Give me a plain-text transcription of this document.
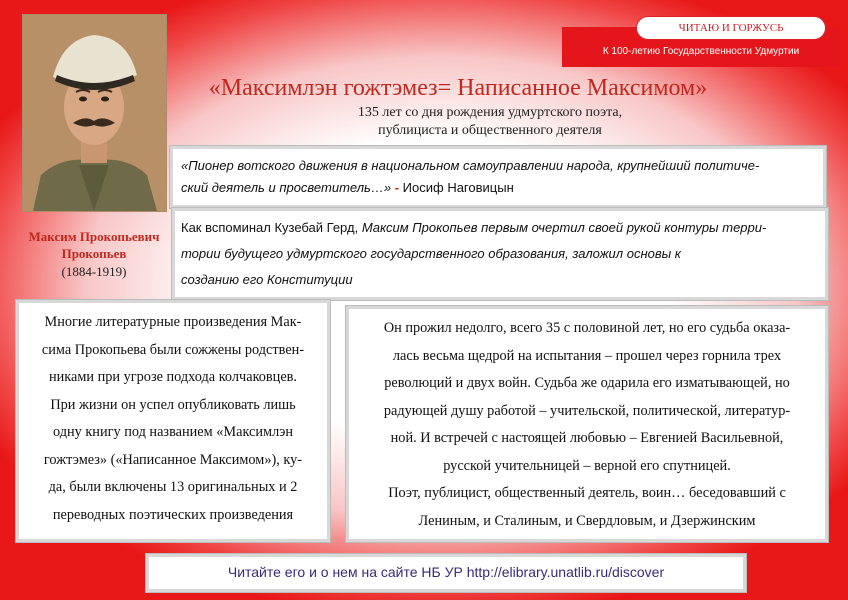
ЧИТАЮ И ГОРЖУСЬ
К 100-летию Государственности Удмуртии
Максим Прокопьевич
Прокопьев
(1884-1919)
«Максимлэн гожтэмез= Написанное Максимом»
135 лет со дня рождения удмуртского поэта,
публициста и общественного деятеля
«Пионер вотского движения в национальном самоуправлении народа, крупнейший политиче-
ский деятель и просветитель…» - Иосиф Наговицын
Как вспоминал Кузебай Герд, Максим Прокопьев первым очертил своей рукой контуры терри-
тории будущего удмуртского государственного образования, заложил основы к
созданию его Конституции
Многие литературные произведения Мак-
сима Прокопьева были сожжены родствен-
никами при угрозе подхода колчаковцев.
При жизни он успел опубликовать лишь
одну книгу под названием «Максимлэн
гожтэмез» («Написанное Максимом»), ку-
да, были включены 13 оригинальных и 2
переводных поэтических произведения
Он прожил недолго, всего 35 с половиной лет, но его судьба оказа-
лась весьма щедрой на испытания – прошел через горнила трех
революций и двух войн. Судьба же одарила его изматывающей, но
радующей душу работой – учительской, политической, литератур-
ной. И встречей с настоящей любовью – Евгенией Васильевной,
русской учительницей – верной его спутницей.
Поэт, публицист, общественный деятель, воин… беседовавший с
Лениным, и Сталиным, и Свердловым, и Дзержинским
Читайте его и о нем на сайте НБ УР http://elibrary.unatlib.ru/discover
